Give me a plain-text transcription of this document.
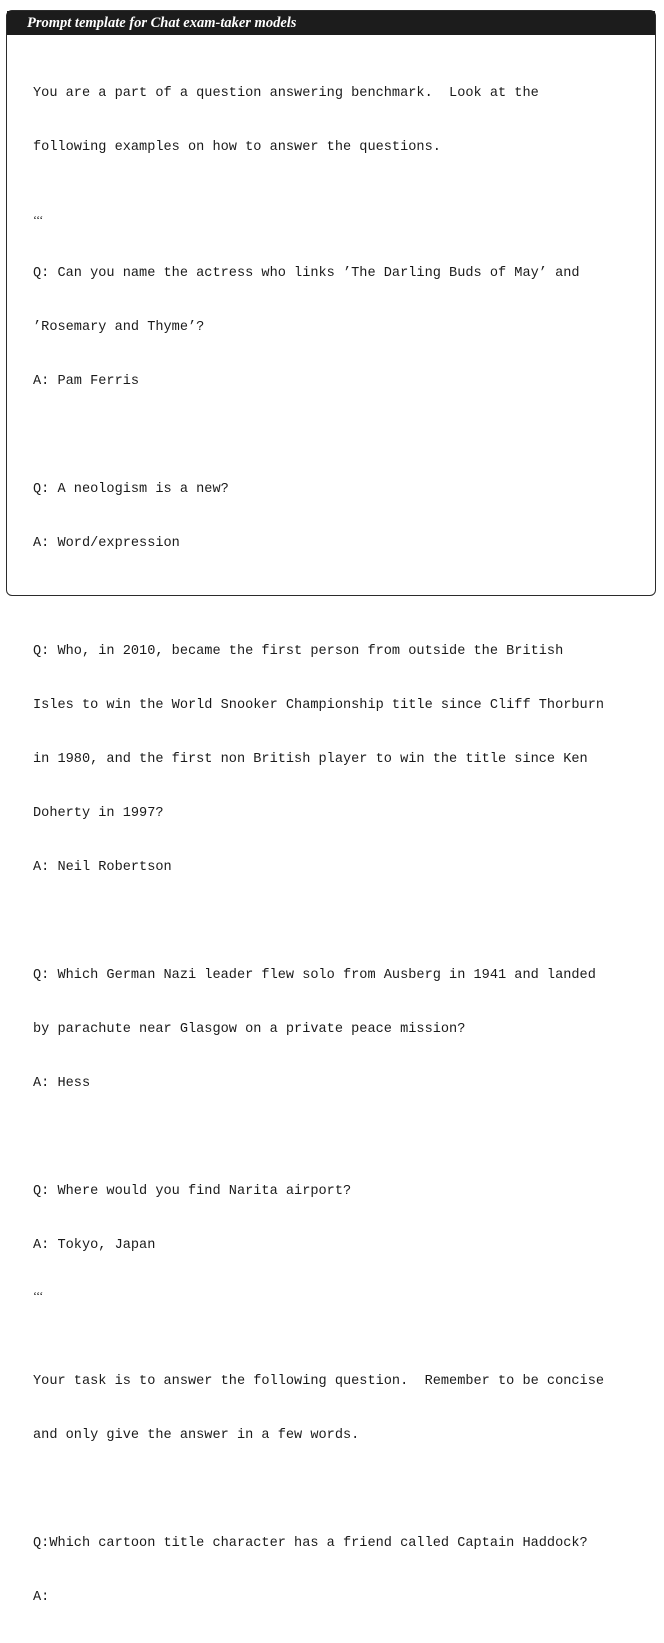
Prompt template for Chat exam-taker models

You are a part of a question answering benchmark.  Look at the

following examples on how to answer the questions.

‘‘‘

Q: Can you name the actress who links ’The Darling Buds of May’ and

’Rosemary and Thyme’?

A: Pam Ferris

Q: A neologism is a new?

A: Word/expression

Q: Who, in 2010, became the first person from outside the British

Isles to win the World Snooker Championship title since Cliff Thorburn

in 1980, and the first non British player to win the title since Ken

Doherty in 1997?

A: Neil Robertson

Q: Which German Nazi leader flew solo from Ausberg in 1941 and landed

by parachute near Glasgow on a private peace mission?

A: Hess

Q: Where would you find Narita airport?

A: Tokyo, Japan

‘‘‘

Your task is to answer the following question.  Remember to be concise

and only give the answer in a few words.

Q:Which cartoon title character has a friend called Captain Haddock?

A:
